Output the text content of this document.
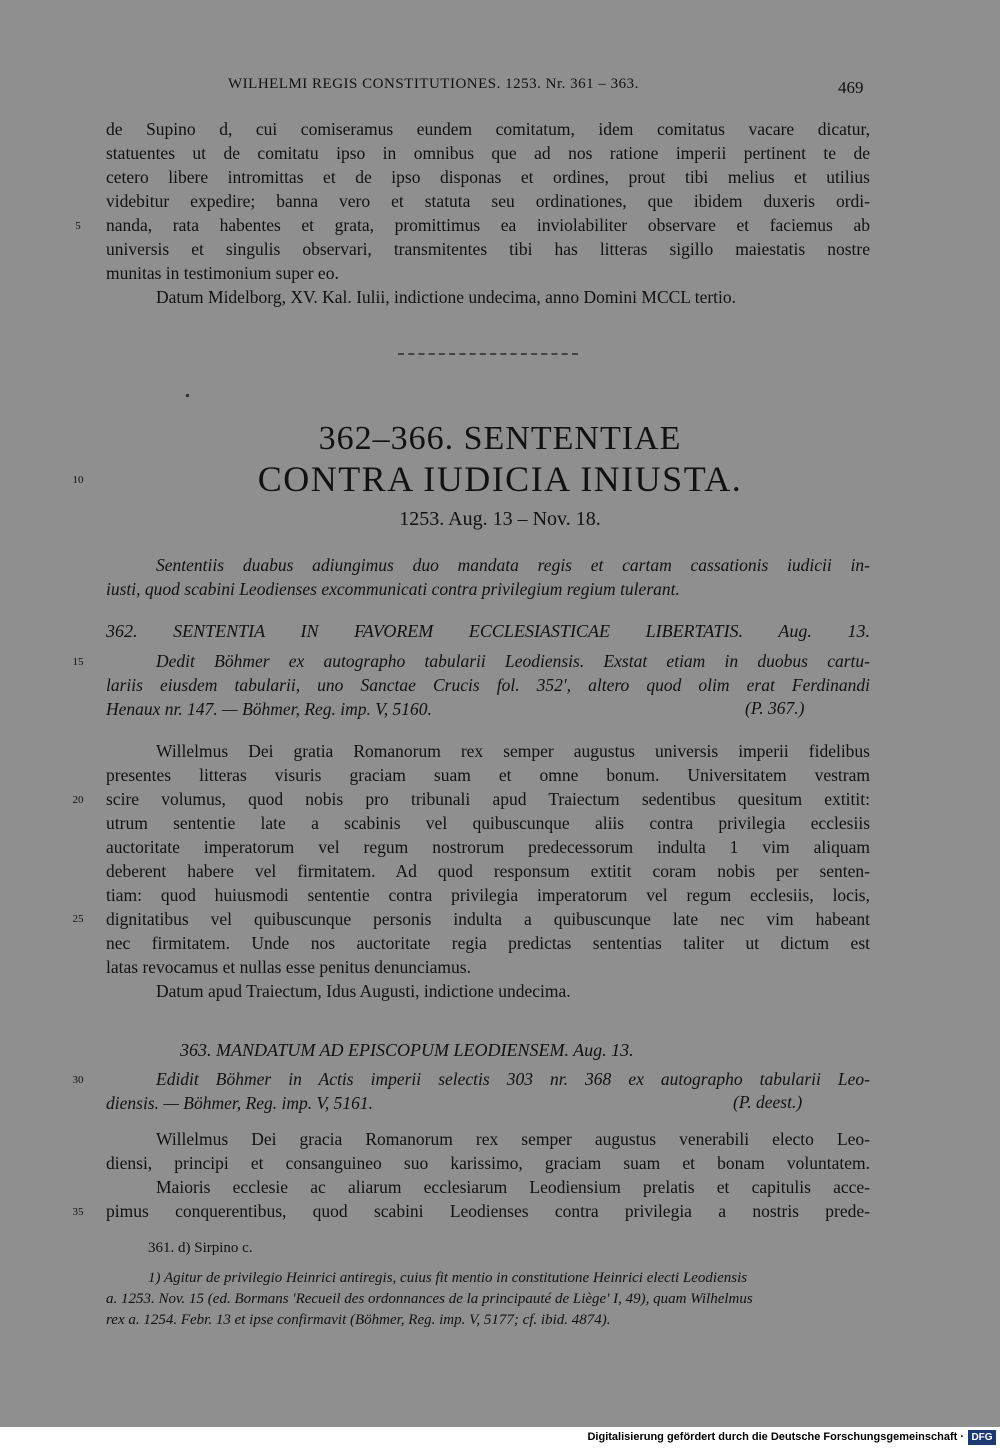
WILHELMI REGIS CONSTITUTIONES. 1253. Nr. 361 – 363.	469
de Supino d, cui comiseramus eundem comitatum, idem comitatus vacare dicatur,
statuentes ut de comitatu ipso in omnibus que ad nos ratione imperii pertinent te de
cetero libere intromittas et de ipso disponas et ordines, prout tibi melius et utilius
videbitur expedire; banna vero et statuta seu ordinationes, que ibidem duxeris ordi-
nanda, rata habentes et grata, promittimus ea inviolabiliter observare et faciemus ab
universis et singulis observari, transmitentes tibi has litteras sigillo maiestatis nostre
munitas in testimonium super eo.
Datum Midelborg, XV. Kal. Iulii, indictione undecima, anno Domini MCCL tertio.
362–366. SENTENTIAE
CONTRA IUDICIA INIUSTA.
1253. Aug. 13 – Nov. 18.
Sententiis duabus adiungimus duo mandata regis et cartam cassationis iudicii in-
iusti, quod scabini Leodienses excommunicati contra privilegium regium tulerant.
362. SENTENTIA IN FAVOREM ECCLESIASTICAE LIBERTATIS. Aug. 13.
Dedit Böhmer ex autographo tabularii Leodiensis. Exstat etiam in duobus cartu-
lariis eiusdem tabularii, uno Sanctae Crucis fol. 352', altero quod olim erat Ferdinandi
Henaux nr. 147. — Böhmer, Reg. imp. V, 5160.	(P. 367.)
Willelmus Dei gratia Romanorum rex semper augustus universis imperii fidelibus
presentes litteras visuris graciam suam et omne bonum. Universitatem vestram
scire volumus, quod nobis pro tribunali apud Traiectum sedentibus quesitum extitit:
utrum sententie late a scabinis vel quibuscunque aliis contra privilegia ecclesiis
auctoritate imperatorum vel regum nostrorum predecessorum indulta 1 vim aliquam
deberent habere vel firmitatem. Ad quod responsum extitit coram nobis per senten-
tiam: quod huiusmodi sententie contra privilegia imperatorum vel regum ecclesiis, locis,
dignitatibus vel quibuscunque personis indulta a quibuscunque late nec vim habeant
nec firmitatem. Unde nos auctoritate regia predictas sententias taliter ut dictum est
latas revocamus et nullas esse penitus denunciamus.
Datum apud Traiectum, Idus Augusti, indictione undecima.
363. MANDATUM AD EPISCOPUM LEODIENSEM. Aug. 13.
Edidit Böhmer in Actis imperii selectis 303 nr. 368 ex autographo tabularii Leo-
diensis. — Böhmer, Reg. imp. V, 5161.	(P. deest.)
Willelmus Dei gracia Romanorum rex semper augustus venerabili electo Leo-
diensi, principi et consanguineo suo karissimo, graciam suam et bonam voluntatem.
Maioris ecclesie ac aliarum ecclesiarum Leodiensium prelatis et capitulis acce-
pimus conquerentibus, quod scabini Leodienses contra privilegia a nostris prede-
361. d) Sirpino c.
1) Agitur de privilegio Heinrici antiregis, cuius fit mentio in constitutione Heinrici electi Leodiensis
a. 1253. Nov. 15 (ed. Bormans 'Recueil des ordonnances de la principauté de Liège' I, 49), quam Wilhelmus
rex a. 1254. Febr. 13 et ipse confirmavit (Böhmer, Reg. imp. V, 5177; cf. ibid. 4874).
5
10
15
20
25
30
35
Digitalisierung gefördert durch die Deutsche Forschungsgemeinschaft · DFG
